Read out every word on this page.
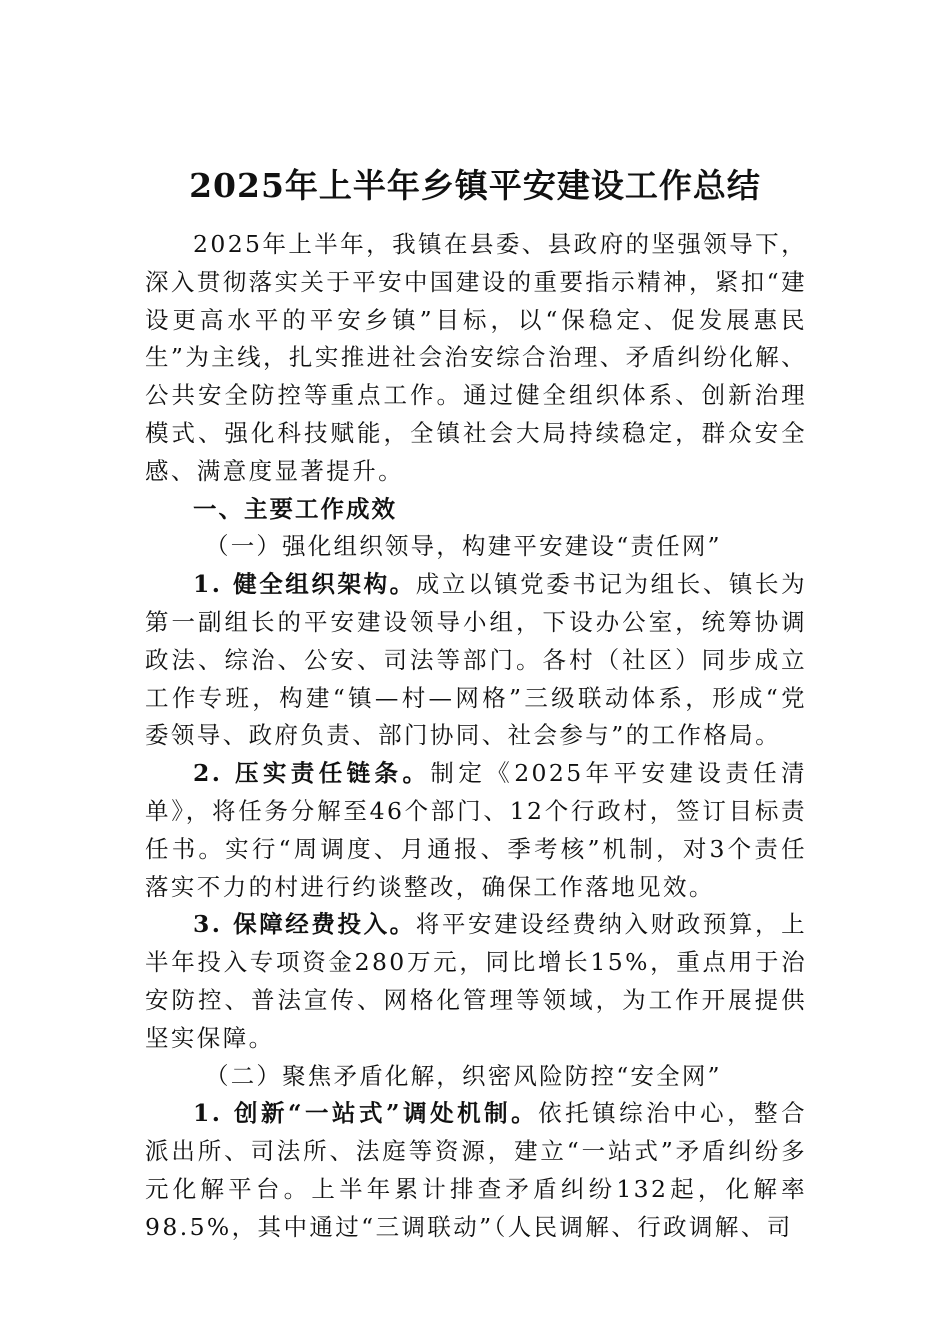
2025年上半年乡镇平安建设工作总结

2025年上半年，我镇在县委、县政府的坚强领导下，深入贯彻落实关于平安中国建设的重要指示精神，紧扣“建设更高水平的平安乡镇”目标，以“保稳定、促发展惠民生”为主线，扎实推进社会治安综合治理、矛盾纠纷化解、公共安全防控等重点工作。通过健全组织体系、创新治理模式、强化科技赋能，全镇社会大局持续稳定，群众安全感、满意度显著提升。

一、主要工作成效

（一）强化组织领导，构建平安建设“责任网”

1. 健全组织架构。成立以镇党委书记为组长、镇长为第一副组长的平安建设领导小组，下设办公室，统筹协调政法、综治、公安、司法等部门。各村（社区）同步成立工作专班，构建“镇—村—网格”三级联动体系，形成“党委领导、政府负责、部门协同、社会参与”的工作格局。

2. 压实责任链条。制定《2025年平安建设责任清单》，将任务分解至46个部门、12个行政村，签订目标责任书。实行“周调度、月通报、季考核”机制，对3个责任落实不力的村进行约谈整改，确保工作落地见效。

3. 保障经费投入。将平安建设经费纳入财政预算，上半年投入专项资金280万元，同比增长15%，重点用于治安防控、普法宣传、网格化管理等领域，为工作开展提供坚实保障。

（二）聚焦矛盾化解，织密风险防控“安全网”

1. 创新“一站式”调处机制。依托镇综治中心，整合派出所、司法所、法庭等资源，建立“一站式”矛盾纠纷多元化解平台。上半年累计排查矛盾纠纷132起，化解率98.5%，其中通过“三调联动”（人民调解、行政调解、司
